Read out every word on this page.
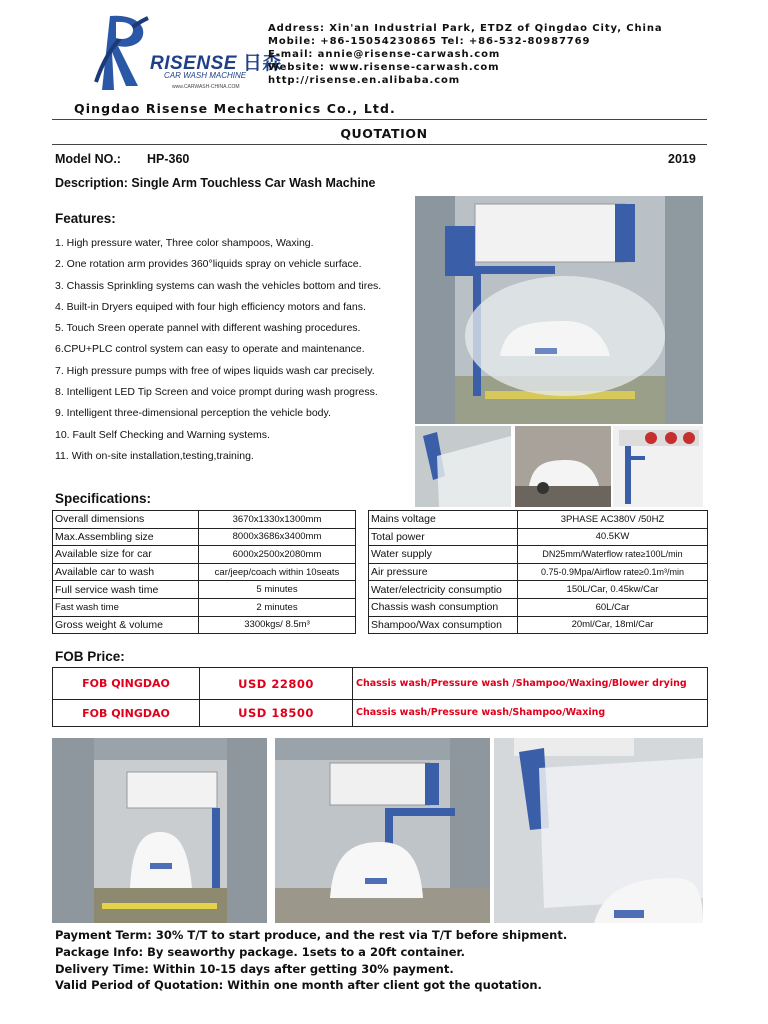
RISENSE 日森
CAR WASH MACHINE
www.CARWASH-CHINA.COM
Address: Xin'an Industrial Park, ETDZ of Qingdao City, China
Mobile: +86-15054230865 Tel: +86-532-80987769
E-mail: annie@risense-carwash.com
Website: www.risense-carwash.com
http://risense.en.alibaba.com
Qingdao Risense Mechatronics Co., Ltd.
QUOTATION
Model NO.: HP-360	2019
Description: Single Arm Touchless Car Wash Machine
Features:
1. High pressure water, Three color shampoos, Waxing.
2. One rotation arm provides 360°liquids spray on vehicle surface.
3. Chassis Sprinkling systems can wash the vehicles bottom and tires.
4. Built-in Dryers equiped with four high efficiency motors and fans.
5. Touch Sreen operate pannel with different washing procedures.
6.CPU+PLC control system can easy to operate and maintenance.
7. High pressure pumps with free of wipes liquids wash car precisely.
8. Intelligent LED Tip Screen and voice prompt during wash progress.
9. Intelligent three-dimensional perception the vehicle body.
10. Fault Self Checking and Warning systems.
11. With on-site installation,testing,training.
Specifications:
Overall dimensions	3670x1330x1300mm
Max.Assembling size	8000x3686x3400mm
Available size for car	6000x2500x2080mm
Available car to wash	car/jeep/coach within 10seats
Full service wash time	5 minutes
Fast wash time	2 minutes
Gross weight & volume	3300kgs/ 8.5m³
Mains voltage	3PHASE AC380V /50HZ
Total power	40.5KW
Water supply	DN25mm/Waterflow rate≥100L/min
Air pressure	0.75-0.9Mpa/Airflow rate≥0.1m³/min
Water/electricity consumptio	150L/Car, 0.45kw/Car
Chassis wash consumption	60L/Car
Shampoo/Wax consumption	20ml/Car, 18ml/Car
FOB Price:
FOB QINGDAO	USD 22800	Chassis wash/Pressure wash /Shampoo/Waxing/Blower drying
FOB QINGDAO	USD 18500	Chassis wash/Pressure wash/Shampoo/Waxing
Payment Term: 30% T/T to start produce, and the rest via T/T before shipment.
Package Info: By seaworthy package. 1sets to a 20ft container.
Delivery Time: Within 10-15 days after getting 30% payment.
Valid Period of Quotation: Within one month after client got the quotation.
